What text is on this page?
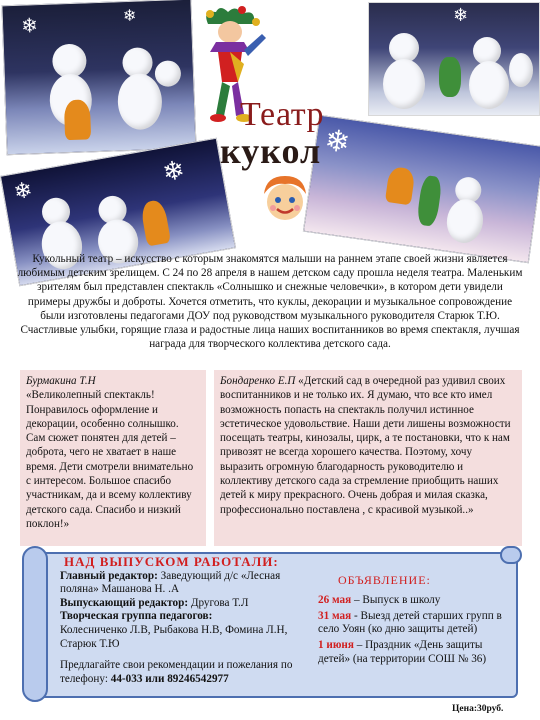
❄	❄	❄
❄
❄
❄
Театр
кукол

Кукольный театр – искусство с которым знакомятся малыши на раннем этапе своей жизни является любимым детским зрелищем. С 24 по 28 апреля в нашем детском саду прошла неделя театра. Маленьким зрителям был представлен спектакль «Солнышко и снежные человечки», в котором дети увидели примеры дружбы и доброты. Хочется отметить, что куклы, декорации и музыкальное сопровождение были изготовлены педагогами ДОУ под руководством музыкального руководителя Старюк Т.Ю. Счастливые улыбки, горящие глаза и радостные лица наших воспитанников во время спектакля, лучшая награда для творческого коллектива детского сада.

Бурмакина Т.Н
«Великолепный спектакль! Понравилось оформление и декорации, особенно солнышко. Сам сюжет понятен для детей – доброта, чего не хватает в наше время. Дети смотрели внимательно с интересом. Большое спасибо участникам, да и всему коллективу детского сада. Спасибо и низкий поклон!»
Бондаренко Е.П «Детский сад в очередной раз удивил своих воспитанников и не только их. Я думаю, что все кто имел возможность попасть на спектакль получил истинное эстетическое удовольствие. Наши дети лишены возможности посещать театры, кинозалы, цирк, а те постановки, что к нам привозят не всегда хорошего качества. Поэтому, хочу выразить огромную благодарность руководителю и коллективу детского сада за стремление приобщить наших детей к миру прекрасного. Очень добрая и милая сказка, профессионально поставлена , с красивой музыкой..»
НАД ВЫПУСКОМ РАБОТАЛИ:

Главный редактор: Заведующий д/с «Лесная поляна» Машанова Н. .А

Выпускающий редактор: Другова Т.Л

Творческая группа педагогов:
Колесниченко Л.В, Рыбакова Н.В, Фомина Л.Н, Старюк Т.Ю

Предлагайте свои рекомендации и пожелания по телефону: 44-033 или 89246542977

ОБЪЯВЛЕНИЕ:

26 мая – Выпуск в школу

31 мая - Выезд детей старших групп в село Уоян (ко дню защиты детей)

1 июня – Праздник «День защиты детей» (на территории СОШ № 36)

Цена:30руб.
